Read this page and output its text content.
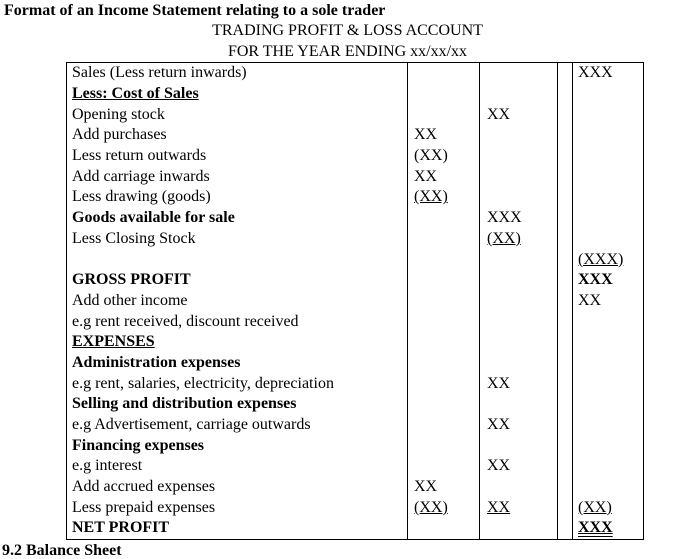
Format of an Income Statement relating to a sole trader
TRADING PROFIT & LOSS ACCOUNT
FOR THE YEAR ENDING xx/xx/xx
Sales (Less return inwards)				XXX
Less: Cost of Sales				
Opening stock		XX		
Add purchases	XX			
Less return outwards	(XX)			
Add carriage inwards	XX			
Less drawing (goods)	(XX)			
Goods available for sale		XXX		
Less Closing Stock		(XX)		
				(XXX)
GROSS PROFIT				XXX
Add other income				XX
e.g rent received, discount received				
EXPENSES				
Administration expenses				
e.g rent, salaries, electricity, depreciation		XX		
Selling and distribution expenses				
e.g Advertisement, carriage outwards		XX		
Financing expenses				
e.g interest		XX		
Add accrued expenses	XX			
Less prepaid expenses	(XX)	XX		(XX)
NET PROFIT				XXX
9.2 Balance Sheet
